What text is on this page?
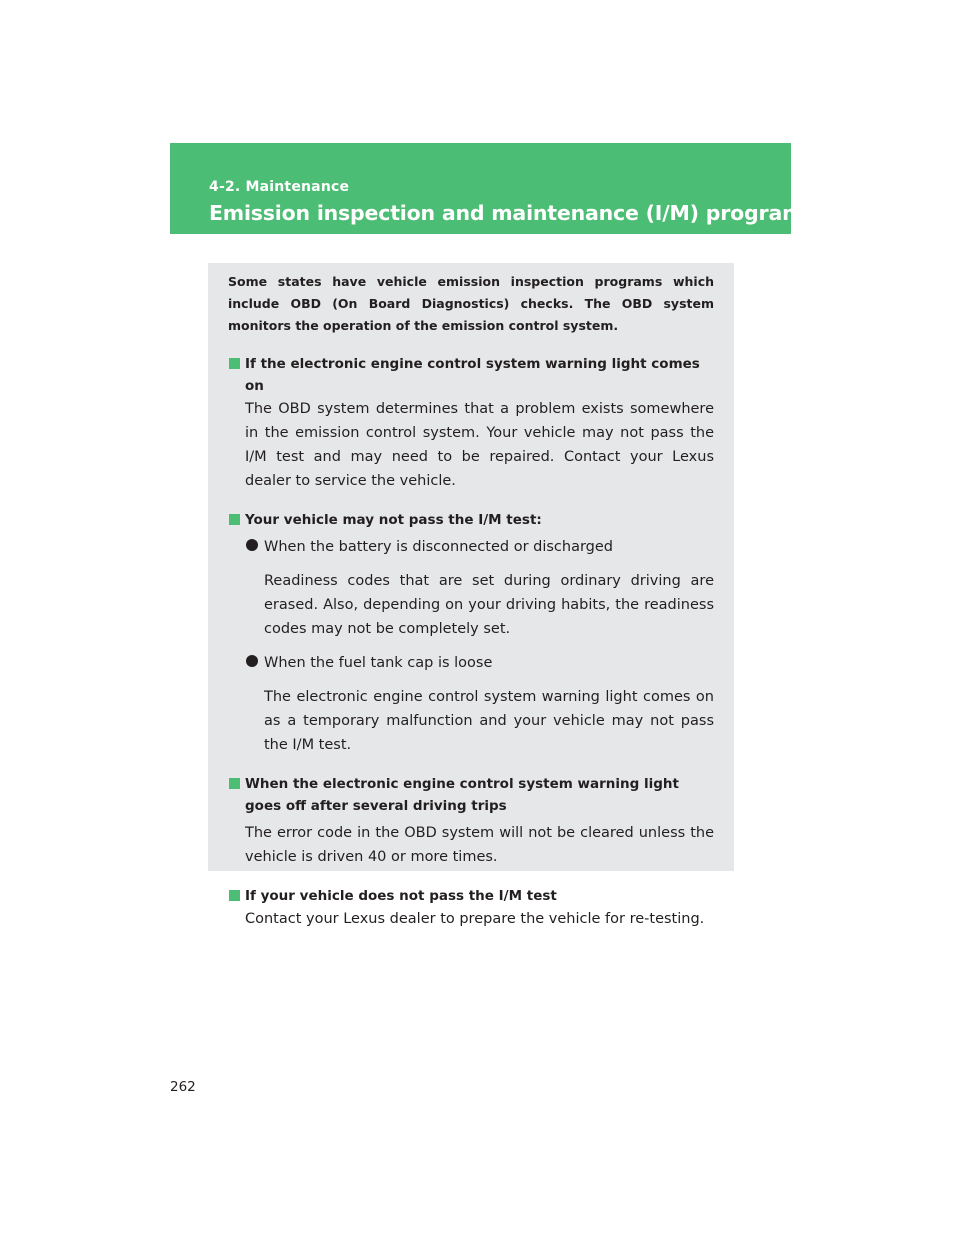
4-2. Maintenance
Emission inspection and maintenance (I/M) programs

Some states have vehicle emission inspection programs which include OBD (On Board Diagnostics) checks. The OBD system monitors the operation of the emission control system.

If the electronic engine control system warning light comes on

The OBD system determines that a problem exists somewhere in the emission control system. Your vehicle may not pass the I/M test and may need to be repaired. Contact your Lexus dealer to service the vehicle.

Your vehicle may not pass the I/M test:
When the battery is disconnected or discharged

Readiness codes that are set during ordinary driving are erased. Also, depending on your driving habits, the readiness codes may not be completely set.

When the fuel tank cap is loose

The electronic engine control system warning light comes on as a temporary malfunction and your vehicle may not pass the I/M test.

When the electronic engine control system warning light goes off after several driving trips

The error code in the OBD system will not be cleared unless the vehicle is driven 40 or more times.

If your vehicle does not pass the I/M test

Contact your Lexus dealer to prepare the vehicle for re-testing.

262
